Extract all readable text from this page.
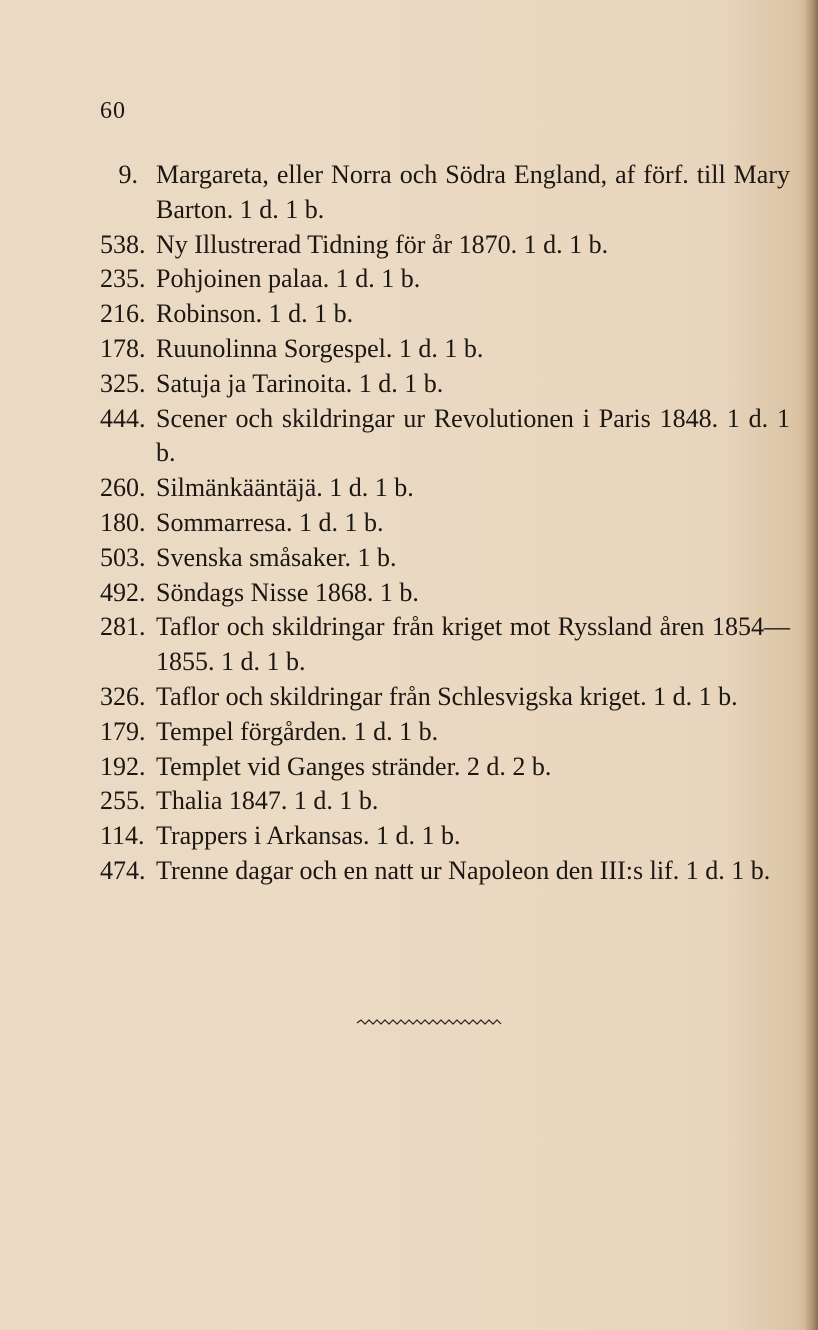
60
9. Margareta, eller Norra och Södra England, af förf. till Mary Barton. 1 d. 1 b.
538. Ny Illustrerad Tidning för år 1870. 1 d. 1 b.
235. Pohjoinen palaa. 1 d. 1 b.
216. Robinson. 1 d. 1 b.
178. Ruunolinna Sorgespel. 1 d. 1 b.
325. Satuja ja Tarinoita. 1 d. 1 b.
444. Scener och skildringar ur Revolutionen i Paris 1848. 1 d. 1 b.
260. Silmänkääntäjä. 1 d. 1 b.
180. Sommarresa. 1 d. 1 b.
503. Svenska småsaker. 1 b.
492. Söndags Nisse 1868. 1 b.
281. Taflor och skildringar från kriget mot Ryssland åren 1854—1855. 1 d. 1 b.
326. Taflor och skildringar från Schlesvigska kriget. 1 d. 1 b.
179. Tempel förgården. 1 d. 1 b.
192. Templet vid Ganges stränder. 2 d. 2 b.
255. Thalia 1847. 1 d. 1 b.
114. Trappers i Arkansas. 1 d. 1 b.
474. Trenne dagar och en natt ur Napoleon den III:s lif. 1 d. 1 b.
